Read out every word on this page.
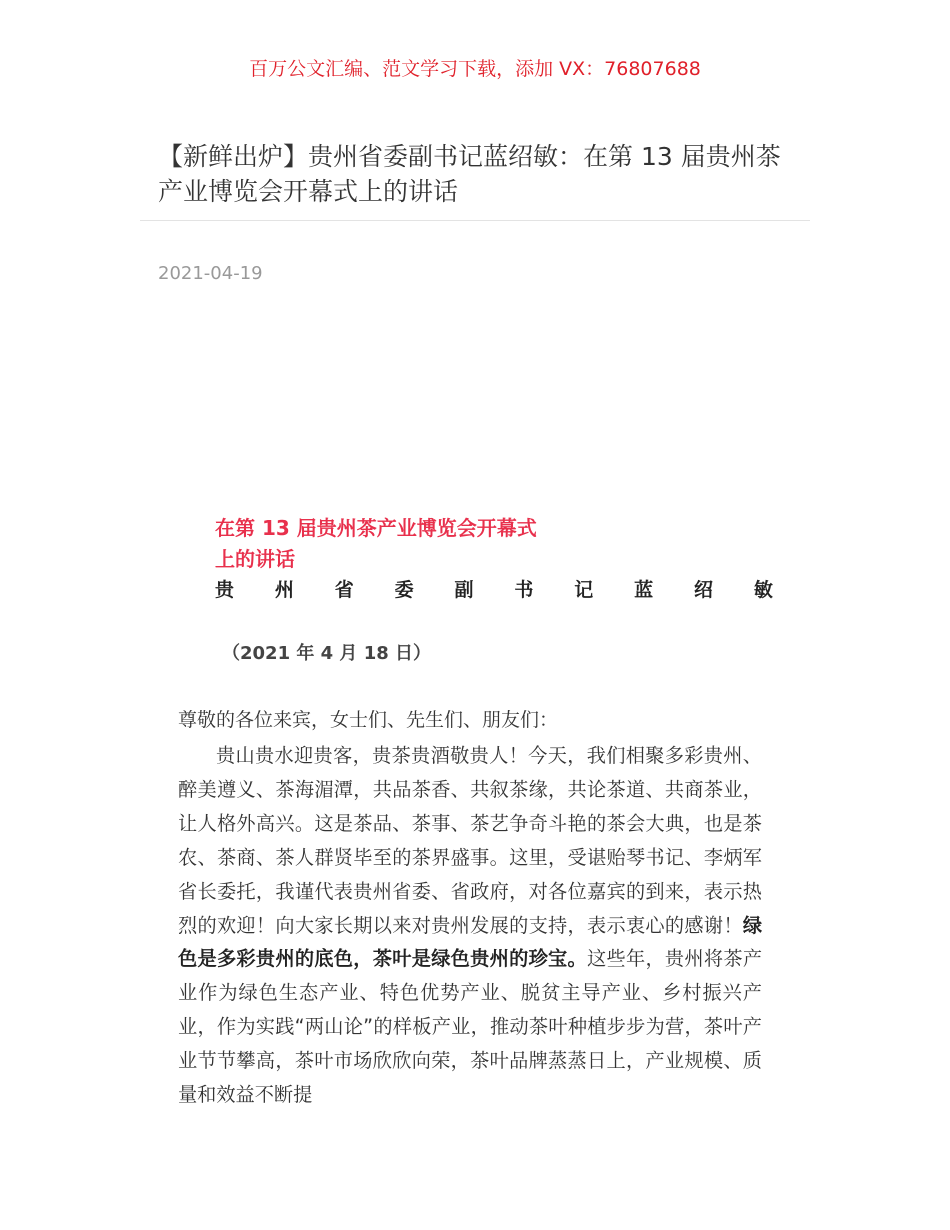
百万公文汇编、范文学习下载，添加 VX：76807688
【新鲜出炉】贵州省委副书记蓝绍敏：在第 13 届贵州茶产业博览会开幕式上的讲话
2021-04-19
在第 13 届贵州茶产业博览会开幕式
上的讲话
贵 州 省 委 副 书 记 蓝 绍 敏
（2021 年 4 月 18 日）
尊敬的各位来宾，女士们、先生们、朋友们：

贵山贵水迎贵客，贵茶贵酒敬贵人！今天，我们相聚多彩贵州、醉美遵义、茶海湄潭，共品茶香、共叙茶缘，共论茶道、共商茶业，让人格外高兴。这是茶品、茶事、茶艺争奇斗艳的茶会大典，也是茶农、茶商、茶人群贤毕至的茶界盛事。这里，受谌贻琴书记、李炳军省长委托，我谨代表贵州省委、省政府，对各位嘉宾的到来，表示热烈的欢迎！向大家长期以来对贵州发展的支持，表示衷心的感谢！绿色是多彩贵州的底色，茶叶是绿色贵州的珍宝。这些年，贵州将茶产业作为绿色生态产业、特色优势产业、脱贫主导产业、乡村振兴产业，作为实践“两山论”的样板产业，推动茶叶种植步步为营，茶叶产业节节攀高，茶叶市场欣欣向荣，茶叶品牌蒸蒸日上，产业规模、质量和效益不断提
